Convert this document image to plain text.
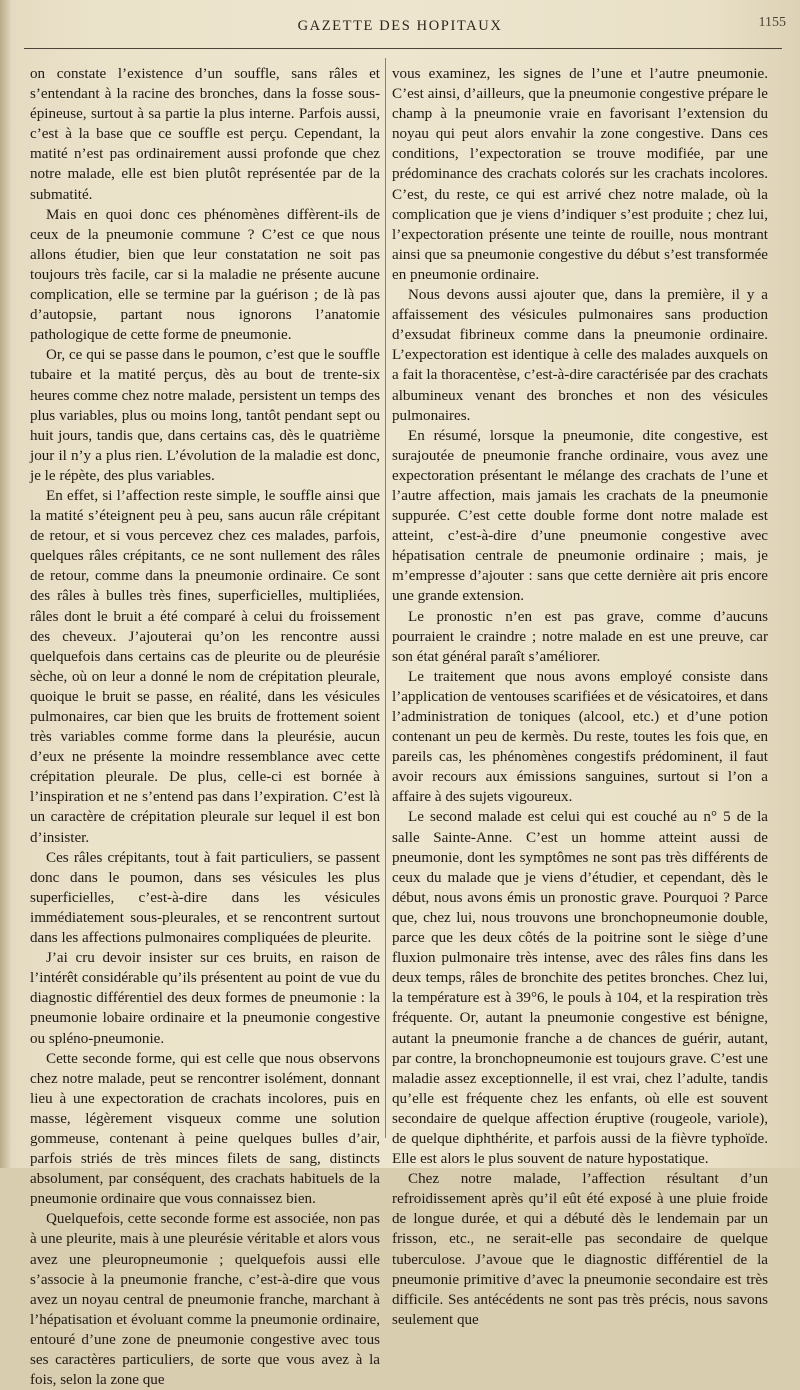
GAZETTE DES HOPITAUX	1155

on constate l’existence d’un souffle, sans râles et s’entendant à la racine des bronches, dans la fosse sous-épineuse, surtout à sa partie la plus interne. Parfois aussi, c’est à la base que ce souffle est perçu. Cependant, la matité n’est pas ordinairement aussi profonde que chez notre malade, elle est bien plutôt représentée par de la submatité.

Mais en quoi donc ces phénomènes diffèrent-ils de ceux de la pneumonie commune ? C’est ce que nous allons étudier, bien que leur constatation ne soit pas toujours très facile, car si la maladie ne présente aucune complication, elle se termine par la guérison ; de là pas d’autopsie, partant nous ignorons l’anatomie pathologique de cette forme de pneumonie.

Or, ce qui se passe dans le poumon, c’est que le souffle tubaire et la matité perçus, dès au bout de trente-six heures comme chez notre malade, persistent un temps des plus variables, plus ou moins long, tantôt pendant sept ou huit jours, tandis que, dans certains cas, dès le quatrième jour il n’y a plus rien. L’évolution de la maladie est donc, je le répète, des plus variables.

En effet, si l’affection reste simple, le souffle ainsi que la matité s’éteignent peu à peu, sans aucun râle crépitant de retour, et si vous percevez chez ces malades, parfois, quelques râles crépitants, ce ne sont nullement des râles de retour, comme dans la pneumonie ordinaire. Ce sont des râles à bulles très fines, superficielles, multipliées, râles dont le bruit a été comparé à celui du froissement des cheveux. J’ajouterai qu’on les rencontre aussi quelquefois dans certains cas de pleurite ou de pleurésie sèche, où on leur a donné le nom de crépitation pleurale, quoique le bruit se passe, en réalité, dans les vésicules pulmonaires, car bien que les bruits de frottement soient très variables comme forme dans la pleurésie, aucun d’eux ne présente la moindre ressemblance avec cette crépitation pleurale. De plus, celle-ci est bornée à l’inspiration et ne s’entend pas dans l’expiration. C’est là un caractère de crépitation pleurale sur lequel il est bon d’insister.

Ces râles crépitants, tout à fait particuliers, se passent donc dans le poumon, dans ses vésicules les plus superficielles, c’est-à-dire dans les vésicules immédiatement sous-pleurales, et se rencontrent surtout dans les affections pulmonaires compliquées de pleurite.

J’ai cru devoir insister sur ces bruits, en raison de l’intérêt considérable qu’ils présentent au point de vue du diagnostic différentiel des deux formes de pneumonie : la pneumonie lobaire ordinaire et la pneumonie congestive ou spléno-pneumonie.

Cette seconde forme, qui est celle que nous observons chez notre malade, peut se rencontrer isolément, donnant lieu à une expectoration de crachats incolores, puis en masse, légèrement visqueux comme une solution gommeuse, contenant à peine quelques bulles d’air, parfois striés de très minces filets de sang, distincts absolument, par conséquent, des crachats habituels de la pneumonie ordinaire que vous connaissez bien.

Quelquefois, cette seconde forme est associée, non pas à une pleurite, mais à une pleurésie véritable et alors vous avez une pleuropneumonie ; quelquefois aussi elle s’associe à la pneumonie franche, c’est-à-dire que vous avez un noyau central de pneumonie franche, marchant à l’hépatisation et évoluant comme la pneumonie ordinaire, entouré d’une zone de pneumonie congestive avec tous ses caractères particuliers, de sorte que vous avez à la fois, selon la zone que

vous examinez, les signes de l’une et l’autre pneumonie. C’est ainsi, d’ailleurs, que la pneumonie congestive prépare le champ à la pneumonie vraie en favorisant l’extension du noyau qui peut alors envahir la zone congestive. Dans ces conditions, l’expectoration se trouve modifiée, par une prédominance des crachats colorés sur les crachats incolores. C’est, du reste, ce qui est arrivé chez notre malade, où la complication que je viens d’indiquer s’est produite ; chez lui, l’expectoration présente une teinte de rouille, nous montrant ainsi que sa pneumonie congestive du début s’est transformée en pneumonie ordinaire.

Nous devons aussi ajouter que, dans la première, il y a affaissement des vésicules pulmonaires sans production d’exsudat fibrineux comme dans la pneumonie ordinaire. L’expectoration est identique à celle des malades auxquels on a fait la thoracentèse, c’est-à-dire caractérisée par des crachats albumineux venant des bronches et non des vésicules pulmonaires.

En résumé, lorsque la pneumonie, dite congestive, est surajoutée de pneumonie franche ordinaire, vous avez une expectoration présentant le mélange des crachats de l’une et l’autre affection, mais jamais les crachats de la pneumonie suppurée. C’est cette double forme dont notre malade est atteint, c’est-à-dire d’une pneumonie congestive avec hépatisation centrale de pneumonie ordinaire ; mais, je m’empresse d’ajouter : sans que cette dernière ait pris encore une grande extension.

Le pronostic n’en est pas grave, comme d’aucuns pourraient le craindre ; notre malade en est une preuve, car son état général paraît s’améliorer.

Le traitement que nous avons employé consiste dans l’application de ventouses scarifiées et de vésicatoires, et dans l’administration de toniques (alcool, etc.) et d’une potion contenant un peu de kermès. Du reste, toutes les fois que, en pareils cas, les phénomènes congestifs prédominent, il faut avoir recours aux émissions sanguines, surtout si l’on a affaire à des sujets vigoureux.

Le second malade est celui qui est couché au n° 5 de la salle Sainte-Anne. C’est un homme atteint aussi de pneumonie, dont les symptômes ne sont pas très différents de ceux du malade que je viens d’étudier, et cependant, dès le début, nous avons émis un pronostic grave. Pourquoi ? Parce que, chez lui, nous trouvons une bronchopneumonie double, parce que les deux côtés de la poitrine sont le siège d’une fluxion pulmonaire très intense, avec des râles fins dans les deux temps, râles de bronchite des petites bronches. Chez lui, la température est à 39°6, le pouls à 104, et la respiration très fréquente. Or, autant la pneumonie congestive est bénigne, autant la pneumonie franche a de chances de guérir, autant, par contre, la bronchopneumonie est toujours grave. C’est une maladie assez exceptionnelle, il est vrai, chez l’adulte, tandis qu’elle est fréquente chez les enfants, où elle est souvent secondaire de quelque affection éruptive (rougeole, variole), de quelque diphthérite, et parfois aussi de la fièvre typhoïde. Elle est alors le plus souvent de nature hypostatique.

Chez notre malade, l’affection résultant d’un refroidissement après qu’il eût été exposé à une pluie froide de longue durée, et qui a débuté dès le lendemain par un frisson, etc., ne serait-elle pas secondaire de quelque tuberculose. J’avoue que le diagnostic différentiel de la pneumonie primitive d’avec la pneumonie secondaire est très difficile. Ses antécédents ne sont pas très précis, nous savons seulement que
